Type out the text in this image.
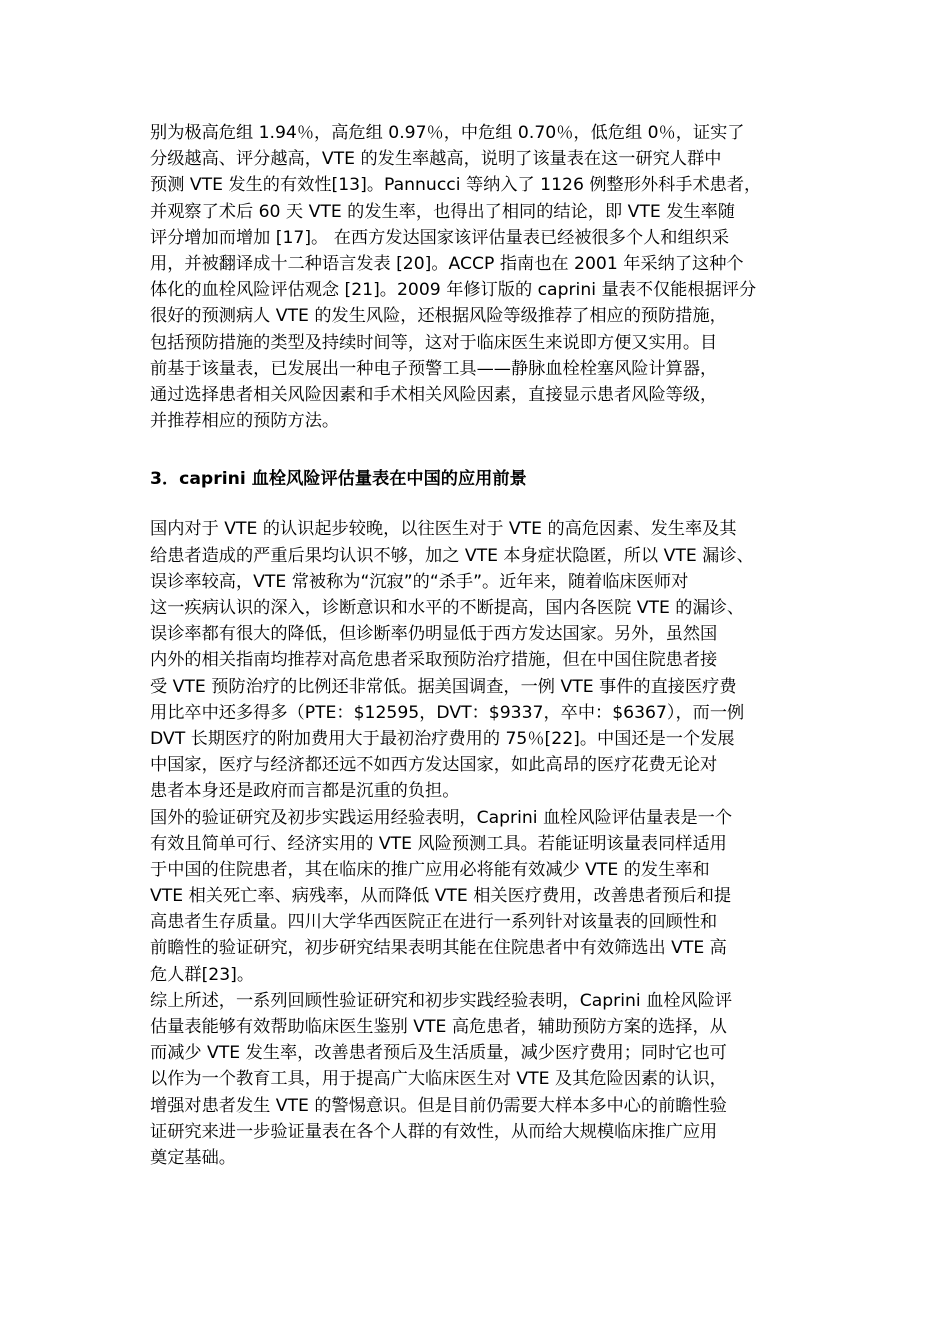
别为极高危组 1.94％，高危组 0.97％，中危组 0.70％，低危组 0％，证实了
分级越高、评分越高，VTE 的发生率越高，说明了该量表在这一研究人群中
预测 VTE 发生的有效性[13]。Pannucci 等纳入了 1126 例整形外科手术患者，
并观察了术后 60 天 VTE 的发生率，也得出了相同的结论，即 VTE 发生率随
评分增加而增加 [17]。 在西方发达国家该评估量表已经被很多个人和组织采
用，并被翻译成十二种语言发表 [20]。ACCP 指南也在 2001 年采纳了这种个
体化的血栓风险评估观念 [21]。2009 年修订版的 caprini 量表不仅能根据评分
很好的预测病人 VTE 的发生风险，还根据风险等级推荐了相应的预防措施，
包括预防措施的类型及持续时间等，这对于临床医生来说即方便又实用。目
前基于该量表，已发展出一种电子预警工具——静脉血栓栓塞风险计算器，
通过选择患者相关风险因素和手术相关风险因素，直接显示患者风险等级，
并推荐相应的预防方法。
3．caprini 血栓风险评估量表在中国的应用前景
国内对于 VTE 的认识起步较晚，以往医生对于 VTE 的高危因素、发生率及其
给患者造成的严重后果均认识不够，加之 VTE 本身症状隐匿，所以 VTE 漏诊、
误诊率较高，VTE 常被称为“沉寂”的“杀手”。近年来，随着临床医师对
这一疾病认识的深入，诊断意识和水平的不断提高，国内各医院 VTE 的漏诊、
误诊率都有很大的降低，但诊断率仍明显低于西方发达国家。另外，虽然国
内外的相关指南均推荐对高危患者采取预防治疗措施，但在中国住院患者接
受 VTE 预防治疗的比例还非常低。据美国调查，一例 VTE 事件的直接医疗费
用比卒中还多得多（PTE：$12595，DVT：$9337，卒中：$6367），而一例
DVT 长期医疗的附加费用大于最初治疗费用的 75％[22]。中国还是一个发展
中国家，医疗与经济都还远不如西方发达国家，如此高昂的医疗花费无论对
患者本身还是政府而言都是沉重的负担。
国外的验证研究及初步实践运用经验表明，Caprini 血栓风险评估量表是一个
有效且简单可行、经济实用的 VTE 风险预测工具。若能证明该量表同样适用
于中国的住院患者，其在临床的推广应用必将能有效减少 VTE 的发生率和
VTE 相关死亡率、病残率，从而降低 VTE 相关医疗费用，改善患者预后和提
高患者生存质量。四川大学华西医院正在进行一系列针对该量表的回顾性和
前瞻性的验证研究，初步研究结果表明其能在住院患者中有效筛选出 VTE 高
危人群[23]。
综上所述，一系列回顾性验证研究和初步实践经验表明，Caprini 血栓风险评
估量表能够有效帮助临床医生鉴别 VTE 高危患者，辅助预防方案的选择，从
而减少 VTE 发生率，改善患者预后及生活质量，减少医疗费用；同时它也可
以作为一个教育工具，用于提高广大临床医生对 VTE 及其危险因素的认识，
增强对患者发生 VTE 的警惕意识。但是目前仍需要大样本多中心的前瞻性验
证研究来进一步验证量表在各个人群的有效性，从而给大规模临床推广应用
奠定基础。
